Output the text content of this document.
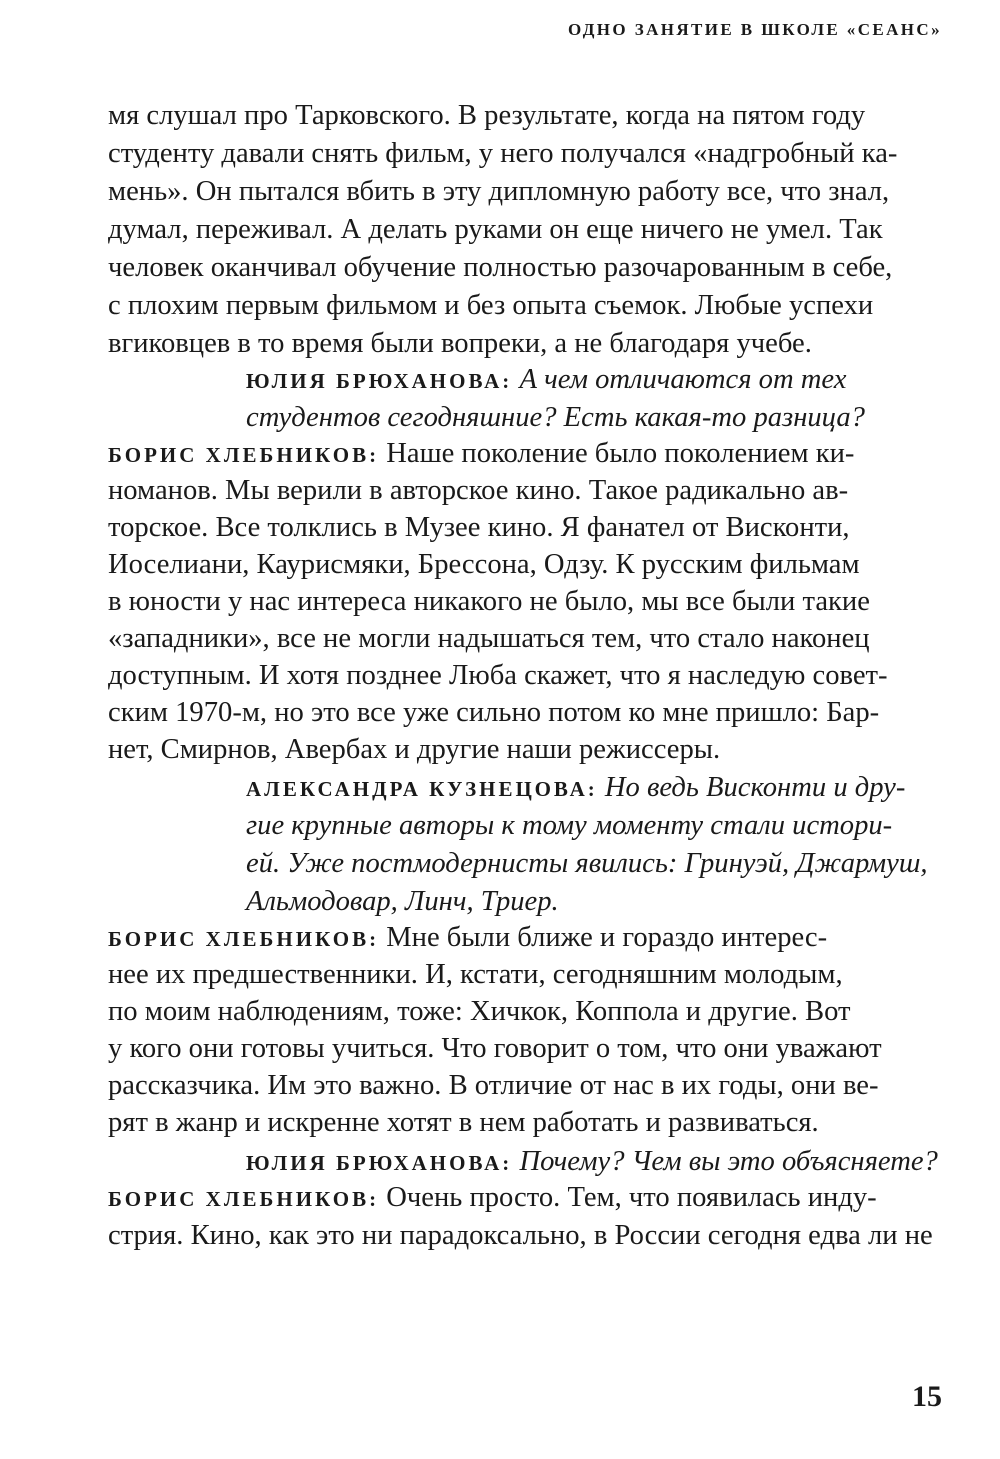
ОДНО ЗАНЯТИЕ В ШКОЛЕ «СЕАНС»
мя слушал про Тарковского. В результате, когда на пятом году
студенту давали снять фильм, у него получался «надгробный ка-
мень». Он пытался вбить в эту дипломную работу все, что знал,
думал, переживал. А делать руками он еще ничего не умел. Так
человек оканчивал обучение полностью разочарованным в себе,
с плохим первым фильмом и без опыта съемок. Любые успехи
вгиковцев в то время были вопреки, а не благодаря учебе.
ЮЛИЯ БРЮХАНОВА: А чем отличаются от тех
студентов сегодняшние? Есть какая-то разница?
БОРИС ХЛЕБНИКОВ: Наше поколение было поколением ки-
номанов. Мы верили в авторское кино. Такое радикально ав-
торское. Все толклись в Музее кино. Я фанател от Висконти,
Иоселиани, Каурисмяки, Брессона, Одзу. К русским фильмам
в юности у нас интереса никакого не было, мы все были такие
«западники», все не могли надышаться тем, что стало наконец
доступным. И хотя позднее Люба скажет, что я наследую совет-
ским 1970-м, но это все уже сильно потом ко мне пришло: Бар-
нет, Смирнов, Авербах и другие наши режиссеры.
АЛЕКСАНДРА КУЗНЕЦОВА: Но ведь Висконти и дру-
гие крупные авторы к тому моменту стали истори-
ей. Уже постмодернисты явились: Гринуэй, Джармуш,
Альмодовар, Линч, Триер.
БОРИС ХЛЕБНИКОВ: Мне были ближе и гораздо интерес-
нее их предшественники. И, кстати, сегодняшним молодым,
по моим наблюдениям, тоже: Хичкок, Коппола и другие. Вот
у кого они готовы учиться. Что говорит о том, что они уважают
рассказчика. Им это важно. В отличие от нас в их годы, они ве-
рят в жанр и искренне хотят в нем работать и развиваться.
ЮЛИЯ БРЮХАНОВА: Почему? Чем вы это объясняете?
БОРИС ХЛЕБНИКОВ: Очень просто. Тем, что появилась инду-
стрия. Кино, как это ни парадоксально, в России сегодня едва ли не
15
